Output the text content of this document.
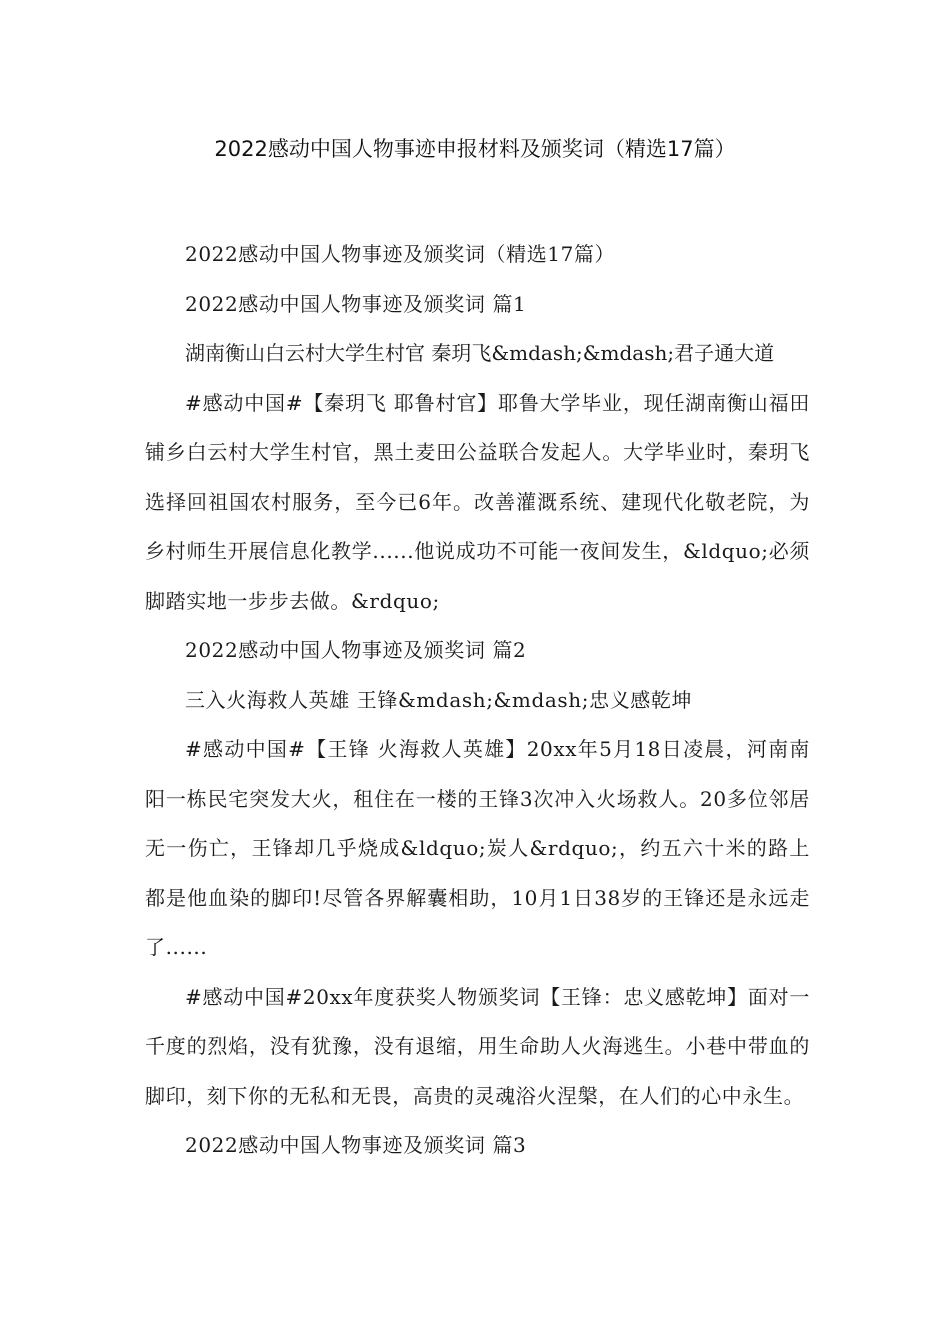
2022感动中国人物事迹申报材料及颁奖词（精选17篇）

2022感动中国人物事迹及颁奖词（精选17篇）

2022感动中国人物事迹及颁奖词 篇1

湖南衡山白云村大学生村官 秦玥飞&mdash;&mdash;君子通大道

#感动中国#【秦玥飞 耶鲁村官】耶鲁大学毕业，现任湖南衡山福田铺乡白云村大学生村官，黑土麦田公益联合发起人。大学毕业时，秦玥飞选择回祖国农村服务，至今已6年。改善灌溉系统、建现代化敬老院，为乡村师生开展信息化教学......他说成功不可能一夜间发生，&ldquo;必须脚踏实地一步步去做。&rdquo;

2022感动中国人物事迹及颁奖词 篇2

三入火海救人英雄 王锋&mdash;&mdash;忠义感乾坤

#感动中国#【王锋 火海救人英雄】20xx年5月18日凌晨，河南南阳一栋民宅突发大火，租住在一楼的王锋3次冲入火场救人。20多位邻居无一伤亡，王锋却几乎烧成&ldquo;炭人&rdquo;，约五六十米的路上都是他血染的脚印!尽管各界解囊相助，10月1日38岁的王锋还是永远走了......

#感动中国#20xx年度获奖人物颁奖词【王锋：忠义感乾坤】面对一千度的烈焰，没有犹豫，没有退缩，用生命助人火海逃生。小巷中带血的脚印，刻下你的无私和无畏，高贵的灵魂浴火涅槃，在人们的心中永生。

2022感动中国人物事迹及颁奖词 篇3
